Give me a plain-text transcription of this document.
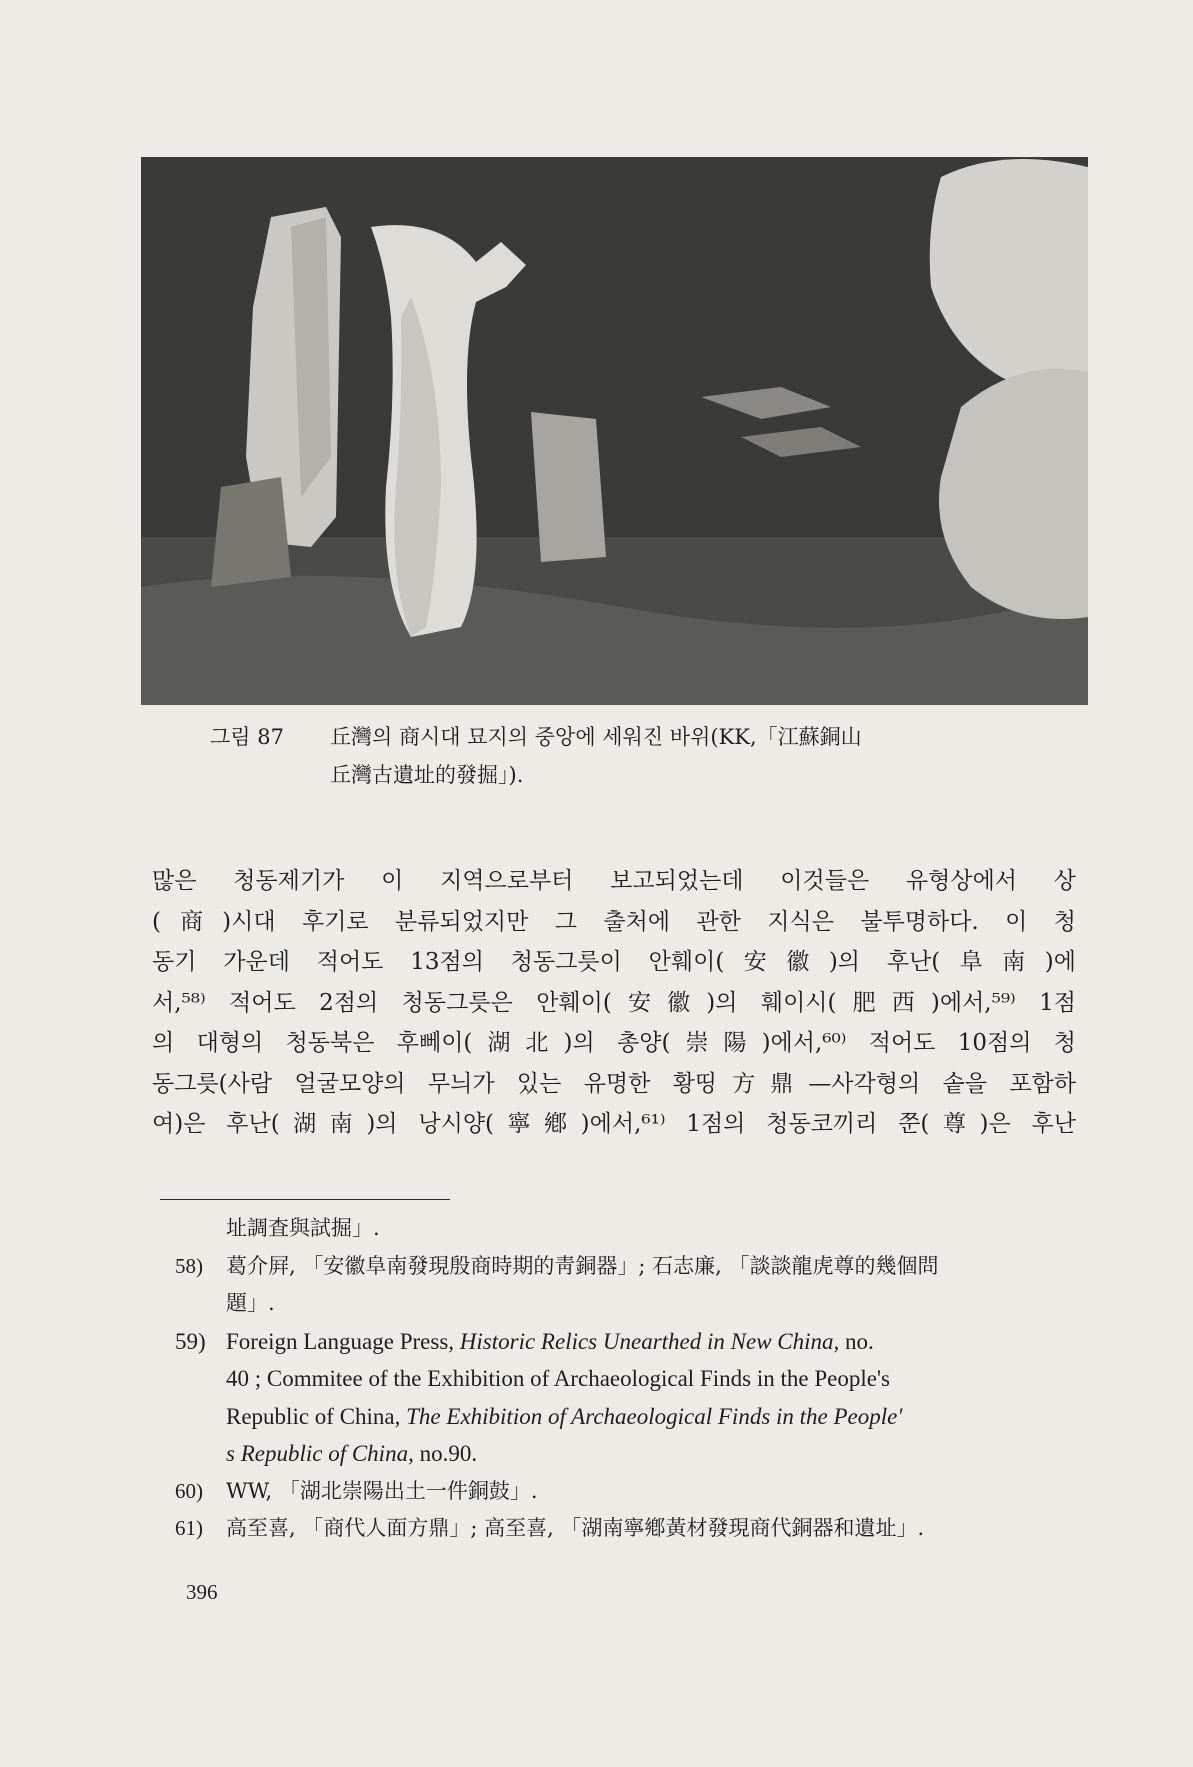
그림 87 丘灣의 商시대 묘지의 중앙에 세워진 바위(KK,「江蘇銅山
丘灣古遺址的發掘」).
많은 청동제기가 이 지역으로부터 보고되었는데 이것들은 유형상에서 상
(商)시대 후기로 분류되었지만 그 출처에 관한 지식은 불투명하다. 이 청
동기 가운데 적어도 13점의 청동그릇이 안훼이(安徽)의 후난(阜南)에
서,⁵⁸⁾ 적어도 2점의 청동그릇은 안훼이(安徽)의 훼이시(肥西)에서,⁵⁹⁾ 1점
의 대형의 청동북은 후뻬이(湖北)의 총양(崇陽)에서,⁶⁰⁾ 적어도 10점의 청
동그릇(사람 얼굴모양의 무늬가 있는 유명한 황띵方鼎—사각형의 솥을 포함하
여)은 후난(湖南)의 낭시양(寧鄕)에서,⁶¹⁾ 1점의 청동코끼리 쭌(尊)은 후난
址調査與試掘」.
58)	葛介屛, 「安徽阜南發現殷商時期的靑銅器」; 石志廉, 「談談龍虎尊的幾個問
題」.
59) Foreign Language Press, Historic Relics Unearthed in New China, no.
40 ; Commitee of the Exhibition of Archaeological Finds in the People's
Republic of China, The Exhibition of Archaeological Finds in the People'
s Republic of China, no.90.
60)	WW, 「湖北崇陽出土一件銅鼓」.
61)	高至喜, 「商代人面方鼎」; 高至喜, 「湖南寧鄕黃材發現商代銅器和遺址」.
396
